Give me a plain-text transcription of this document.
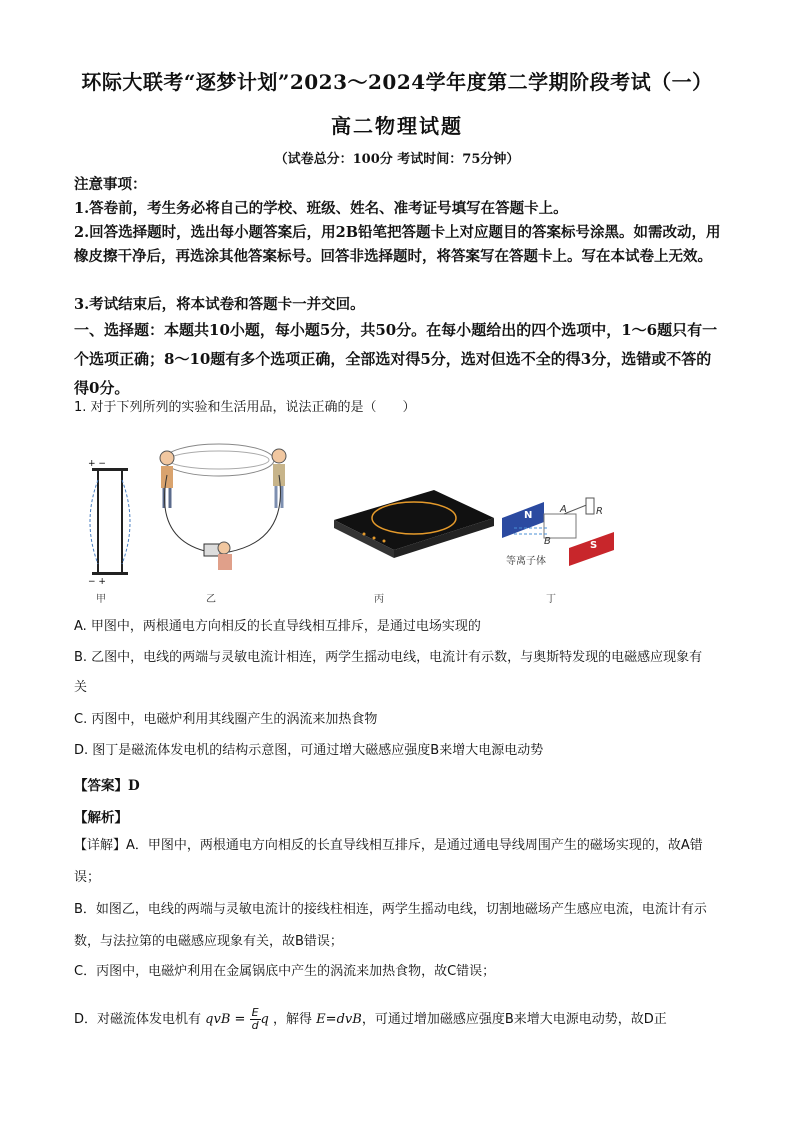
环际大联考“逐梦计划”2023～2024学年度第二学期阶段考试（一）
高二物理试题
（试卷总分：100分 考试时间：75分钟）
注意事项：
1.答卷前，考生务必将自己的学校、班级、姓名、准考证号填写在答题卡上。
2.回答选择题时，选出每小题答案后，用2B铅笔把答题卡上对应题目的答案标号涂黑。如需改动，用橡皮擦干净后，再选涂其他答案标号。回答非选择题时，将答案写在答题卡上。写在本试卷上无效。
3.考试结束后，将本试卷和答题卡一并交回。
一、选择题：本题共10小题，每小题5分，共50分。在每小题给出的四个选项中，1～6题只有一个选项正确；8～10题有多个选项正确，全部选对得5分，选对但选不全的得3分，选错或不答的得0分。
1. 对于下列所列的实验和生活用品，说法正确的是（　　）
+ −
− +
甲	乙	丙	丁
等离子体
N
S
A
B
R
A. 甲图中，两根通电方向相反的长直导线相互排斥，是通过电场实现的
B. 乙图中，电线的两端与灵敏电流计相连，两学生摇动电线，电流计有示数，与奥斯特发现的电磁感应现象有关
C. 丙图中，电磁炉利用其线圈产生的涡流来加热食物
D. 图丁是磁流体发电机的结构示意图，可通过增大磁感应强度B来增大电源电动势
【答案】D
【解析】
【详解】A．甲图中，两根通电方向相反的长直导线相互排斥，是通过通电导线周围产生的磁场实现的，故A错误；
B．如图乙，电线的两端与灵敏电流计的接线柱相连，两学生摇动电线，切割地磁场产生感应电流，电流计有示数，与法拉第的电磁感应现象有关，故B错误；
C．丙图中，电磁炉利用在金属锅底中产生的涡流来加热食物，故C错误；
D．对磁流体发电机有 qvB = $\frac{E}{d}$ q ，解得 E=dvB，可通过增加磁感应强度B来增大电源电动势，故D正
